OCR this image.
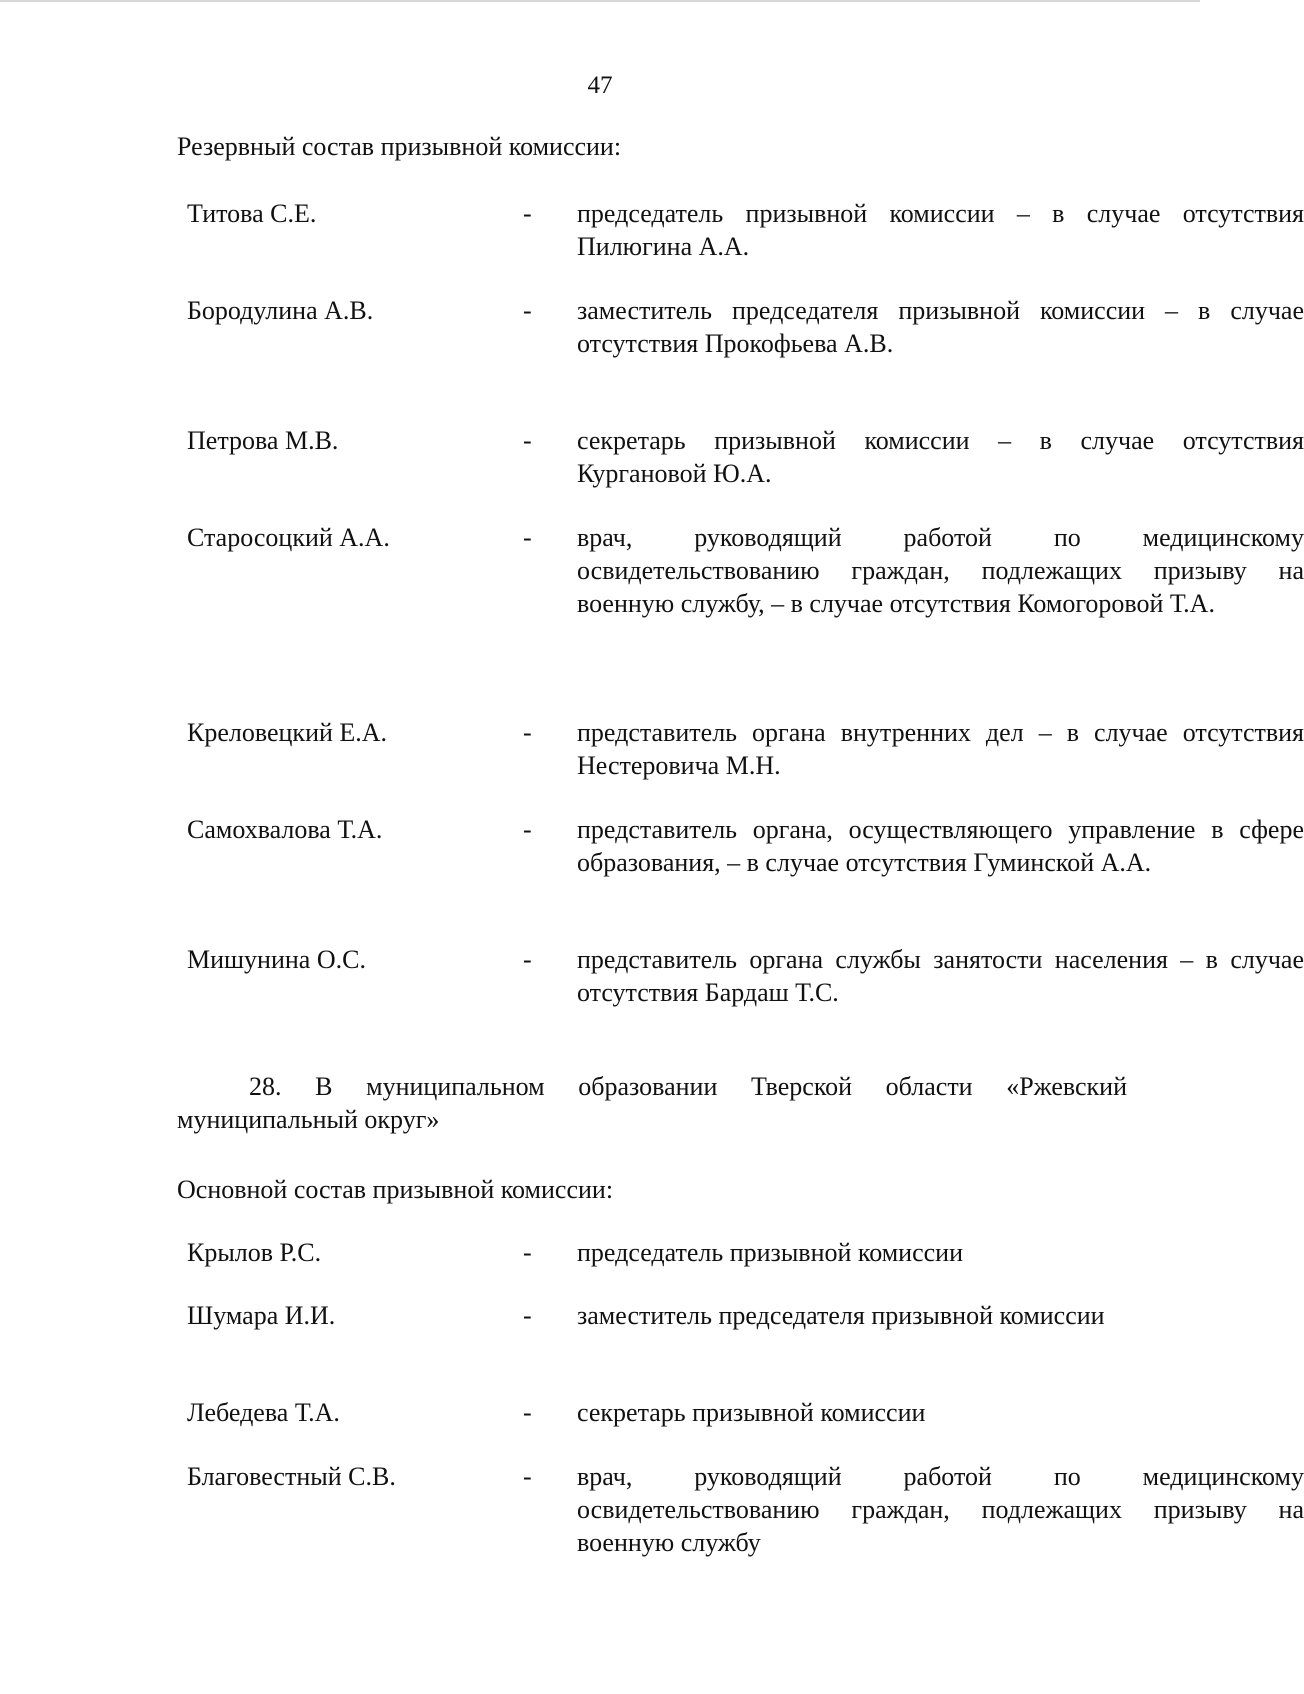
47
Резервный состав призывной комиссии:
Титова С.Е.	- председатель призывной комиссии – в случае отсутствия Пилюгина А.А.
Бородулина А.В.	- заместитель председателя призывной комиссии – в случае отсутствия Прокофьева А.В.
Петрова М.В.	- секретарь призывной комиссии – в случае отсутствия Кургановой Ю.А.
Старосоцкий А.А.	- врач, руководящий работой по медицинскому освидетельствованию граждан, подлежащих призыву на военную службу, – в случае отсутствия Комогоровой Т.А.
Креловецкий Е.А.	- представитель органа внутренних дел – в случае отсутствия Нестеровича М.Н.
Самохвалова Т.А.	- представитель органа, осуществляющего управление в сфере образования, – в случае отсутствия Гуминской А.А.
Мишунина О.С.	- представитель органа службы занятости населения – в случае отсутствия Бардаш Т.С.
28. В муниципальном образовании Тверской области «Ржевский муниципальный округ»
Основной состав призывной комиссии:
Крылов Р.С.	- председатель призывной комиссии
Шумара И.И.	- заместитель председателя призывной комиссии
Лебедева Т.А.	- секретарь призывной комиссии
Благовестный С.В.	- врач, руководящий работой по медицинскому освидетельствованию граждан, подлежащих призыву на военную службу
